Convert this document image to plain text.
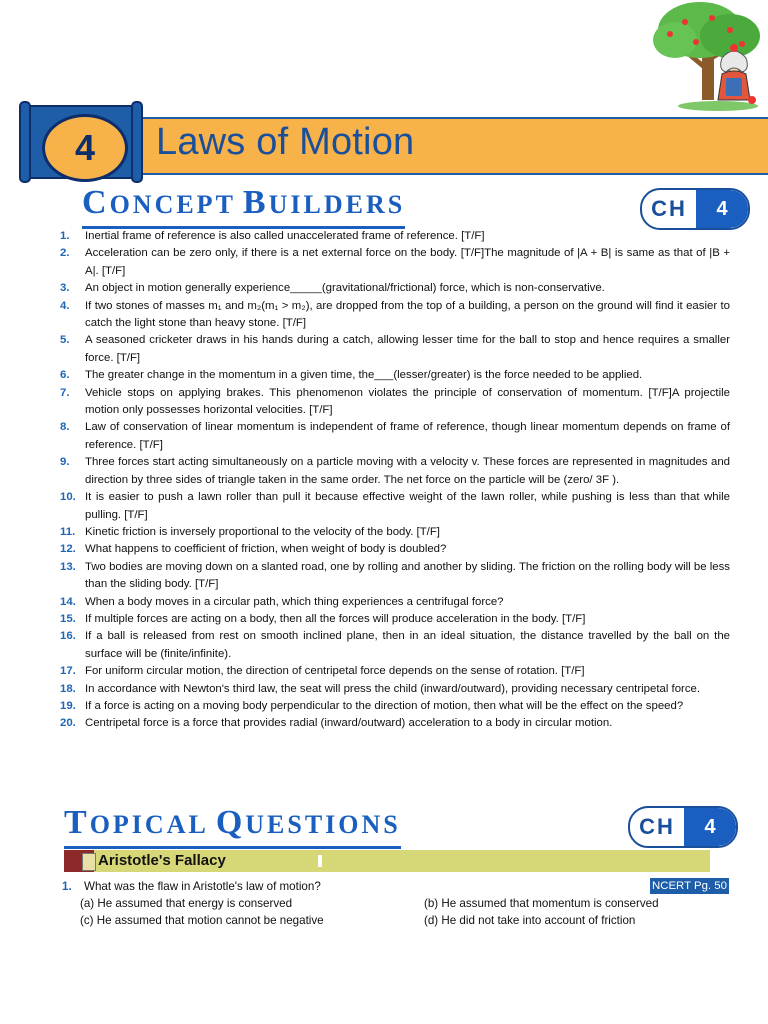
4	Laws of Motion
CONCEPT BUILDERS	CH	4
1.	Inertial frame of reference is also called unaccelerated frame of reference. [T/F]
2.	Acceleration can be zero only, if there is a net external force on the body. [T/F]The magnitude of |A + B| is same as that of |B + A|. [T/F]
3.	An object in motion generally experience_____(gravitational/frictional) force, which is non-conservative.
4.	If two stones of masses m₁ and m₂(m₁ > m₂), are dropped from the top of a building, a person on the ground will find it easier to catch the light stone than heavy stone. [T/F]
5.	A seasoned cricketer draws in his hands during a catch, allowing lesser time for the ball to stop and hence requires a smaller force. [T/F]
6.	The greater change in the momentum in a given time, the___(lesser/greater) is the force needed to be applied.
7.	Vehicle stops on applying brakes. This phenomenon violates the principle of conservation of momentum. [T/F]A projectile motion only possesses horizontal velocities. [T/F]
8.	Law of conservation of linear momentum is independent of frame of reference, though linear momentum depends on frame of reference. [T/F]
9.	Three forces start acting simultaneously on a particle moving with a velocity v. These forces are represented in magnitudes and direction by three sides of triangle taken in the same order. The net force on the particle will be (zero/ 3F ).
10. It is easier to push a lawn roller than pull it because effective weight of the lawn roller, while pushing is less than that while pulling. [T/F]
11. Kinetic friction is inversely proportional to the velocity of the body. [T/F]
12. What happens to coefficient of friction, when weight of body is doubled?
13. Two bodies are moving down on a slanted road, one by rolling and another by sliding. The friction on the rolling body will be less than the sliding body. [T/F]
14. When a body moves in a circular path, which thing experiences a centrifugal force?
15. If multiple forces are acting on a body, then all the forces will produce acceleration in the body. [T/F]
16. If a ball is released from rest on smooth inclined plane, then in an ideal situation, the distance travelled by the ball on the surface will be (finite/infinite).
17. For uniform circular motion, the direction of centripetal force depends on the sense of rotation. [T/F]
18. In accordance with Newton's third law, the seat will press the child (inward/outward), providing necessary centripetal force.
19. If a force is acting on a moving body perpendicular to the direction of motion, then what will be the effect on the speed?
20. Centripetal force is a force that provides radial (inward/outward) acceleration to a body in circular motion.
TOPICAL QUESTIONS	CH	4
Aristotle's Fallacy
1. What was the flaw in Aristotle's law of motion?	NCERT Pg. 50
(a) He assumed that energy is conserved	(b) He assumed that momentum is conserved
(c) He assumed that motion cannot be negative	(d) He did not take into account of friction
